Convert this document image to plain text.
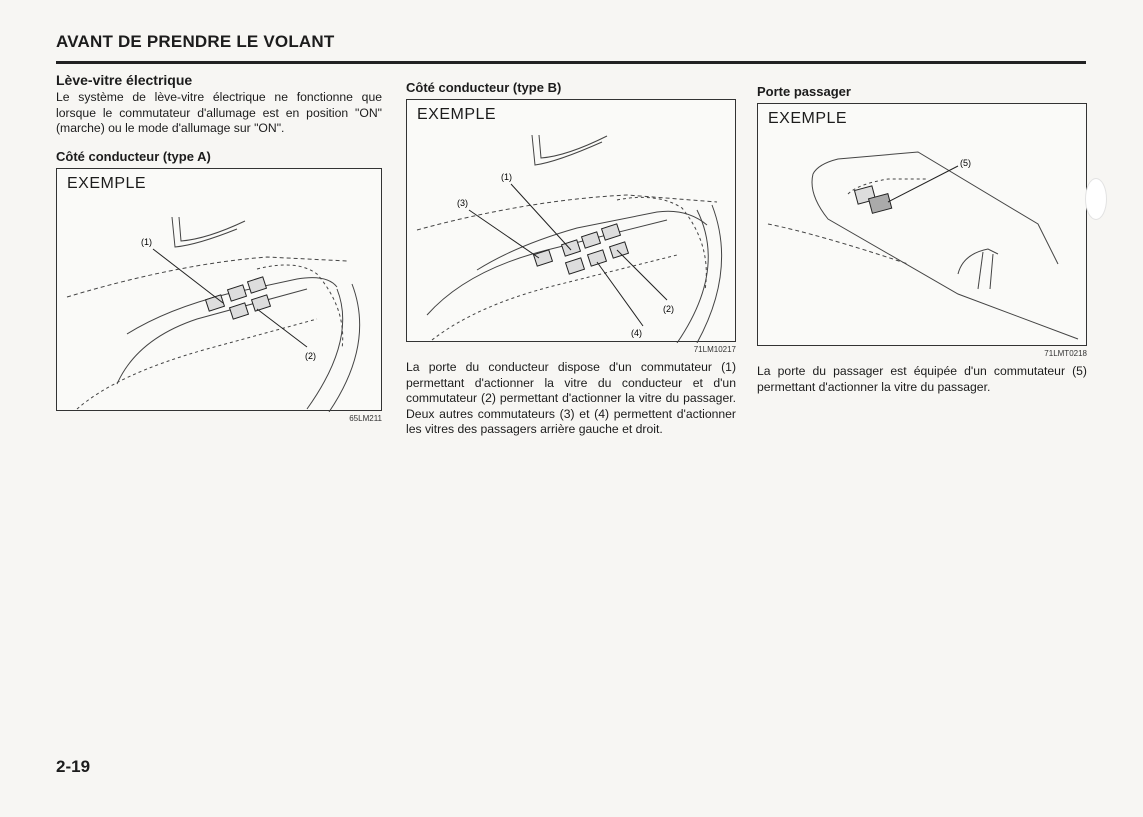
AVANT DE PRENDRE LE VOLANT
Lève-vitre électrique

Le système de lève-vitre électrique ne fonctionne que lorsque le commutateur d'allumage est en position "ON" (marche) ou le mode d'allumage sur "ON".

Côté conducteur (type A)
EXEMPLE
(1)
(2)
65LM211
Côté conducteur (type B)
EXEMPLE
(1)
(3)
(2)
(4)
71LM10217

La porte du conducteur dispose d'un commutateur (1) permettant d'actionner la vitre du conducteur et d'un commutateur (2) permettant d'actionner la vitre du passager. Deux autres commutateurs (3) et (4) permettent d'actionner les vitres des passagers arrière gauche et droit.

Porte passager
EXEMPLE
(5)
71LMT0218

La porte du passager est équipée d'un commutateur (5) permettant d'actionner la vitre du passager.

2-19
